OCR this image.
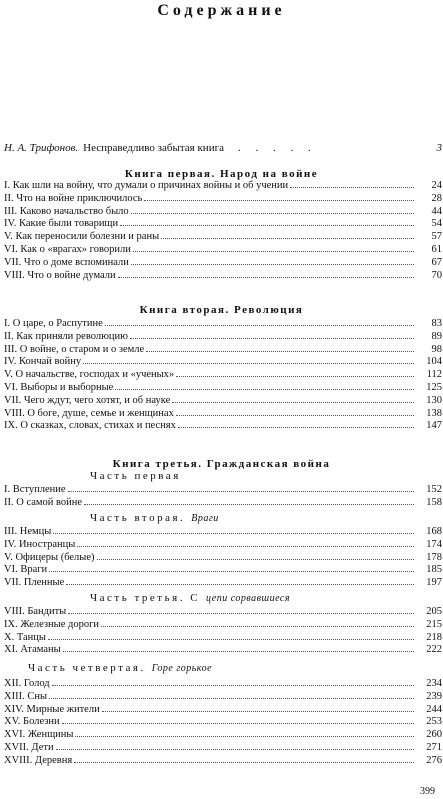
Содержание
Н. А. Трифонов. Несправедливо забытая книга	. . . . .	3
Книга первая. Народ на войне
I. Как шли на войну, что думали о причинах войны и об учении	24
II. Что на войне приключилось	28
III. Каково начальство было	44
IV. Какие были товарищи	54
V. Как переносили болезни и раны	57
VI. Как о «врагах» говорили	61
VII. Что о доме вспоминали	67
VIII. Что о войне думали	70
Книга вторая. Революция
I. О царе, о Распутине	83
II. Как приняли революцию	89
III. О войне, о старом и о земле	98
IV. Кончай войну	104
V. О начальстве, господах и «ученых»	112
VI. Выборы и выборные	125
VII. Чего ждут, чего хотят, и об науке	130
VIII. О боге, душе, семье и женщинах	138
IX. О сказках, словах, стихах и песнях	147
Книга третья. Гражданская война
Часть первая
I. Вступление	152
II. О самой войне	158
Часть вторая. Враги
III. Немцы	168
IV. Иностранцы	174
V. Офицеры (белые)	178
VI. Враги	185
VII. Пленные	197
Часть третья. С цепи сорвавшиеся
VIII. Бандиты	205
IX. Железные дороги	215
X. Танцы	218
XI. Атаманы	222
Часть четвертая. Горе горькое
XII. Голод	234
XIII. Сны	239
XIV. Мирные жители	244
XV. Болезни	253
XVI. Женщины	260
XVII. Дети	271
XVIII. Деревня	276
399
